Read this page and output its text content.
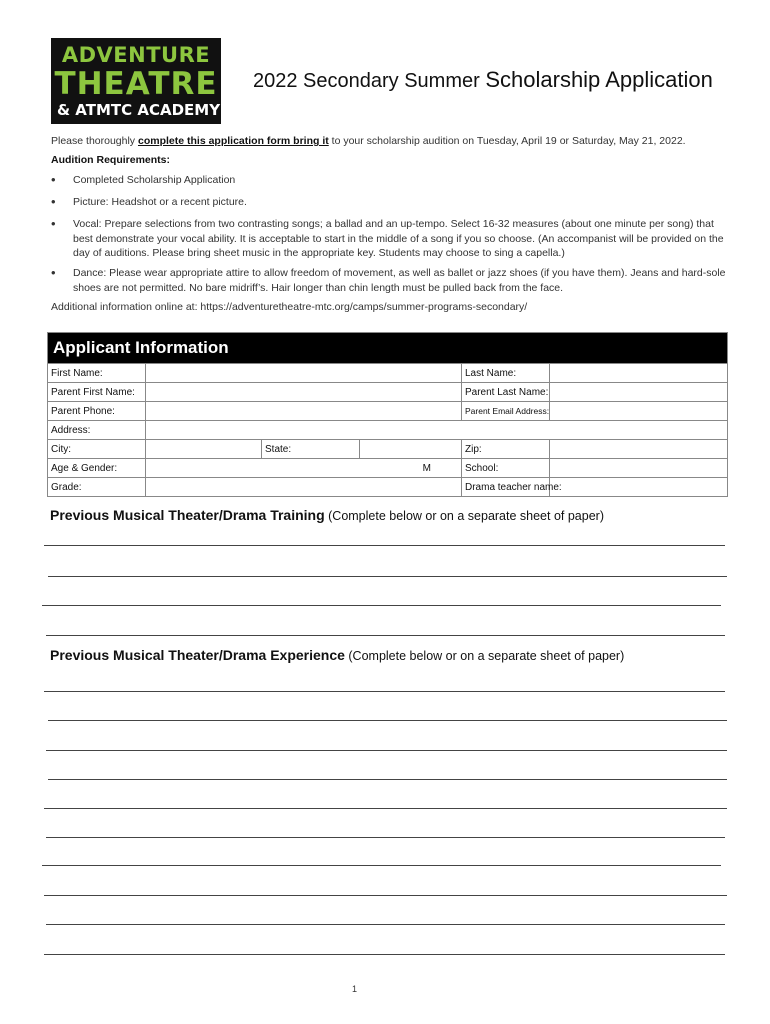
ADVENTURE
THEATRE
& ATMTC ACADEMY
2022 Secondary Summer Scholarship Application
Please thoroughly complete this application form bring it to your scholarship audition on Tuesday, April 19 or Saturday, May 21, 2022.
Audition Requirements:
• Completed Scholarship Application
• Picture: Headshot or a recent picture.
• Vocal: Prepare selections from two contrasting songs; a ballad and an up-tempo. Select 16-32 measures (about one minute per song) that best demonstrate your vocal ability. It is acceptable to start in the middle of a song if you so choose. (An accompanist will be provided on the day of auditions. Please bring sheet music in the appropriate key. Students may choose to sing a capella.)
• Dance: Please wear appropriate attire to allow freedom of movement, as well as ballet or jazz shoes (if you have them). Jeans and hard-sole shoes are not permitted. No bare midriff’s. Hair longer than chin length must be pulled back from the face.
Additional information online at: https://adventuretheatre-mtc.org/camps/summer-programs-secondary/
Applicant Information					
First Name:				Last Name:	
Parent First Name:				Parent Last Name:	
Parent Phone:				Parent Email Address:	
Address:					
City:		State:		Zip:	
Age & Gender:	M			School:	
Grade:				Drama teacher name:	
Previous Musical Theater/Drama Training (Complete below or on a separate sheet of paper)
Previous Musical Theater/Drama Experience (Complete below or on a separate sheet of paper)
1
